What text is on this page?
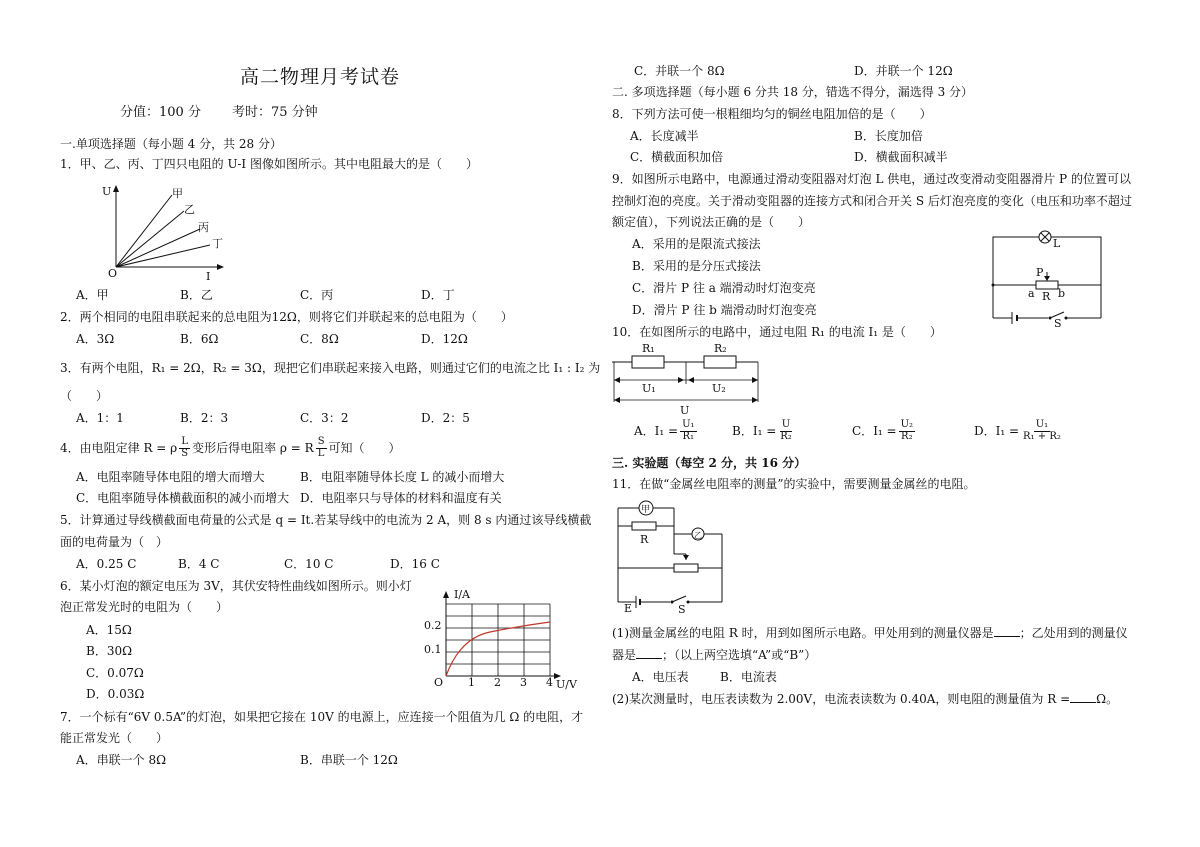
高二物理月考试卷
分值：100 分 考时：75 分钟
一.单项选择题（每小题 4 分，共 28 分）
1．甲、乙、丙、丁四只电阻的 U-I 图像如图所示。其中电阻最大的是（　　）
U
I
O
甲
乙
丙
丁
A．甲	B．乙	C．丙	D．丁
2．两个相同的电阻串联起来的总电阻为12Ω，则将它们并联起来的总电阻为（　　）
A．3Ω	B．6Ω	C．8Ω	D．12Ω
3．有两个电阻，R₁ = 2Ω，R₂ = 3Ω，现把它们串联起来接入电路，则通过它们的电流之比 I₁ : I₂ 为
（　　）
A．1：1	B．2：3	C．3：2	D．2：5
4．由电阻定律 R = ρ $\frac{L}{S}$ 变形后得电阻率 ρ = R $\frac{S}{L}$ 可知（　　）
A．电阻率随导体电阻的增大而增大	B．电阻率随导体长度 L 的减小而增大
C．电阻率随导体横截面积的减小而增大 D．电阻率只与导体的材料和温度有关
5．计算通过导线横截面电荷量的公式是 q = It.若某导线中的电流为 2 A，则 8 s 内通过该导线横截
面的电荷量为（　）
A．0.25 C	B．4 C	C．10 C	D．16 C
6．某小灯泡的额定电压为 3V，其伏安特性曲线如图所示。则小灯
泡正常发光时的电阻为（　　）
A．15Ω
B．30Ω
C．0.07Ω
D．0.03Ω
I/A
U/V
O
0.2
0.1
1 2 3 4
7．一个标有“6V 0.5A”的灯泡，如果把它接在 10V 的电源上，应连接一个阻值为几 Ω 的电阻，才
能正常发光（　　）
A．串联一个 8Ω	B．串联一个 12Ω
C．并联一个 8Ω	D．并联一个 12Ω
二. 多项选择题（每小题 6 分共 18 分，错选不得分，漏选得 3 分）
8．下列方法可使一根粗细均匀的铜丝电阻加倍的是（　　）
A．长度减半	B．长度加倍
C．横截面积加倍	D．横截面积减半
9．如图所示电路中，电源通过滑动变阻器对灯泡 L 供电，通过改变滑动变阻器滑片 P 的位置可以
控制灯泡的亮度。关于滑动变阻器的连接方式和闭合开关 S 后灯泡亮度的变化（电压和功率不超过
额定值），下列说法正确的是（　　）
A．采用的是限流式接法
B．采用的是分压式接法
C．滑片 P 往 a 端滑动时灯泡变亮
D．滑片 P 往 b 端滑动时灯泡变亮
L
P
a R b
S
10．在如图所示的电路中，通过电阻 R₁ 的电流 I₁ 是（　　）
R₁	R₂
U₁	U₂
U
A． $I_1 = \frac{\text{U₁}}{\text{R₁}}$	B． $I_1 = \frac{U}{\text{R₂}}$	C． $I_1 = \frac{\text{U₂}}{\text{R₂}}$	D． $I_1 = \frac{\text{U₁}}{\text{R₁ + R₂}}$
三. 实验题（每空 2 分，共 16 分）
11．在做“金属丝电阻率的测量”的实验中，需要测量金属丝的电阻。
甲
R	乙
E	S
(1)测量金属丝的电阻 R 时，用到如图所示电路。甲处用到的测量仪器是 ；乙处用到的测量仪
器是 ；（以上两空选填“A”或“B”）
A．电压表	B．电流表
(2)某次测量时，电压表读数为 2.00V，电流表读数为 0.40A，则电阻的测量值为 R = Ω。
